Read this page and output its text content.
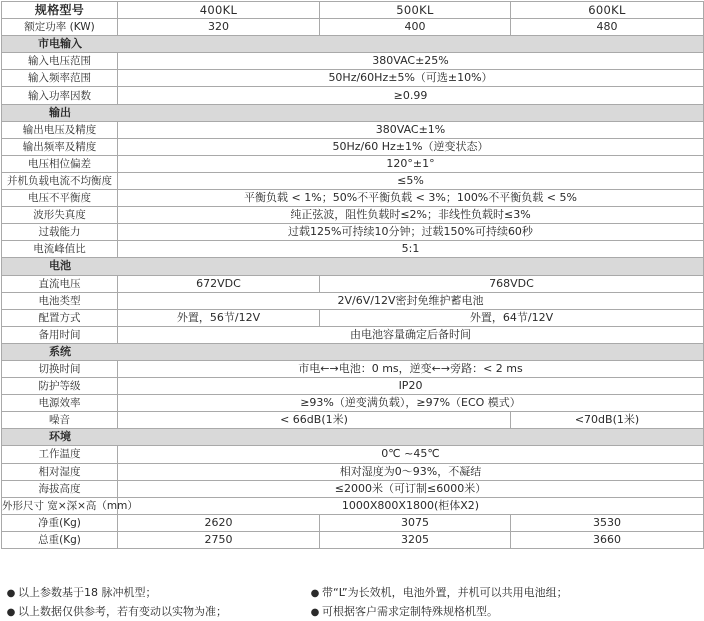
规格型号	400KL	500KL	600KL
额定功率 (KW)	320	400	480
市电输入			
输入电压范围	380VAC±25%		
输入频率范围	50Hz/60Hz±5%（可选±10%）		
输入功率因数	≥0.99		
输出			
输出电压及精度	380VAC±1%		
输出频率及精度	50Hz/60 Hz±1%（逆变状态）		
电压相位偏差	120°±1°		
并机负载电流不均衡度	≤5%		
电压不平衡度	平衡负载 < 1%；50%不平衡负载 < 3%；100%不平衡负载 < 5%		
波形失真度	纯正弦波，阻性负载时≤2%；非线性负载时≤3%		
过载能力	过载125%可持续10分钟；过载150%可持续60秒		
电流峰值比	5:1		
电池			
直流电压	672VDC	768VDC	
电池类型	2V/6V/12V密封免维护蓄电池		
配置方式	外置，56节/12V	外置，64节/12V	
备用时间	由电池容量确定后备时间		
系统			
切换时间	市电←→电池：0 ms，逆变←→旁路：< 2 ms		
防护等级	IP20		
电源效率	≥93%（逆变满负载），≥97%（ECO 模式）		
噪音	< 66dB(1米)		<70dB(1米)
环境			
工作温度	0℃ ~45℃		
相对湿度	相对湿度为0～93%，不凝结		
海拔高度	≤2000米（可订制≤6000米）		
外形尺寸 宽×深×高（mm）	1000X800X1800(柜体X2)		
净重(Kg)	2620	3075	3530
总重(Kg)	2750	3205	3660
● 以上参数基于18 脉冲机型；	● 带“L”为长效机，电池外置，并机可以共用电池组；
● 以上数据仅供参考，若有变动以实物为准；	● 可根据客户需求定制特殊规格机型。
